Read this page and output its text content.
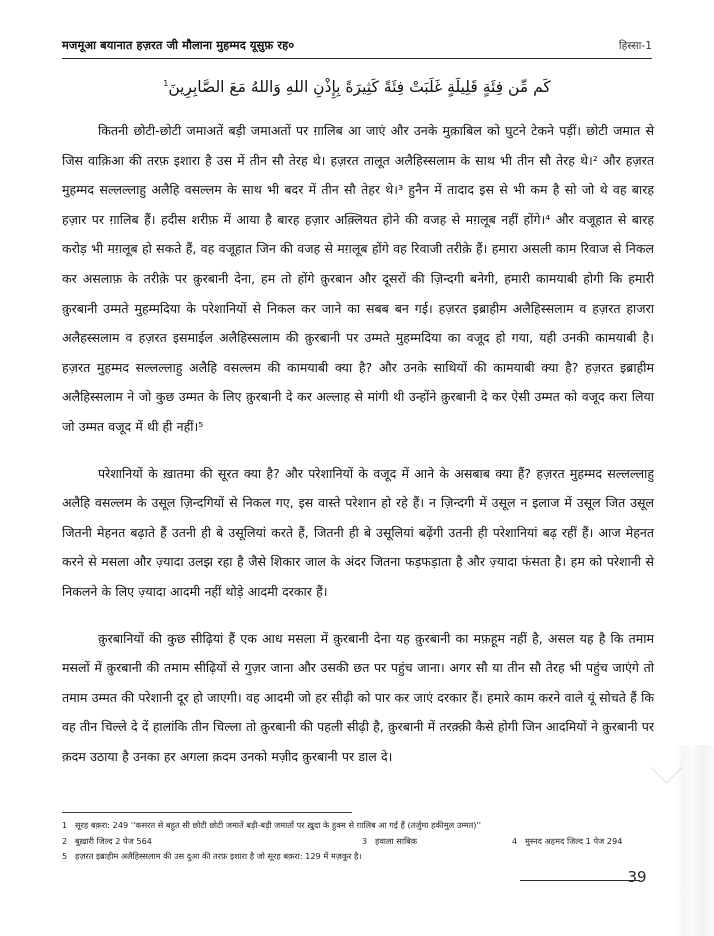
मजमूआ बयानात हज़रत जी मौलाना मुहम्मद यूसुफ़ रह०	हिस्सा-1
كَم مِّن فِئَةٍ قَلِيلَةٍ غَلَبَتْ فِئَةً كَثِيرَةً بِإِذْنِ اللهِ وَاللهُ مَعَ الصَّابِرِينَ$^1$

कितनी छोटी-छोटी जमाअतें बड़ी जमाअतों पर ग़ालिब आ जाएं और उनके मुक़ाबिल को घुटने टेकने पड़ीं। छोटी जमात से जिस वाक़िआ की तरफ़ इशारा है उस में तीन सौ तेरह थे। हज़रत तालूत अलैहिस्सलाम के साथ भी तीन सौ तेरह थे।² और हज़रत मुहम्मद सल्लल्लाहु अलैहि वसल्लम के साथ भी बदर में तीन सौ तेहर थे।³ हुनैन में तादाद इस से भी कम है सो जो थे वह बारह हज़ार पर ग़ालिब हैं। हदीस शरीफ़ में आया है बारह हज़ार अक़्लियत होने की वजह से मग़लूब नहीं होंगे।⁴ और वजूहात से बारह करोड़ भी मग़लूब हो सकते हैं, वह वजूहात जिन की वजह से मग़लूब होंगे वह रिवाजी तरीक़े हैं। हमारा असली काम रिवाज से निकल कर असलाफ़ के तरीक़े पर क़ुरबानी देना, हम तो होंगे क़ुरबान और दूसरों की ज़िन्दगी बनेगी, हमारी कामयाबी होगी कि हमारी क़ुरबानी उम्मते मुहम्मदिया के परेशानियों से निकल कर जाने का सबब बन गई। हज़रत इब्राहीम अलैहिस्सलाम व हज़रत हाजरा अलैहस्सलाम व हज़रत इसमाईल अलैहिस्सलाम की क़ुरबानी पर उम्मते मुहम्मदिया का वजूद हो गया, यही उनकी कामयाबी है। हज़रत मुहम्मद सल्लल्लाहु अलैहि वसल्लम की कामयाबी क्या है? और उनके साथियों की कामयाबी क्या है? हज़रत इब्राहीम अलैहिस्सलाम ने जो कुछ उम्मत के लिए क़ुरबानी दे कर अल्लाह से मांगी थी उन्होंने क़ुरबानी दे कर ऐसी उम्मत को वजूद करा लिया जो उम्मत वजूद में थी ही नहीं।⁵

परेशानियों के ख़ातमा की सूरत क्या है? और परेशानियों के वजूद में आने के असबाब क्या हैं? हज़रत मुहम्मद सल्लल्लाहु अलैहि वसल्लम के उसूल ज़िन्दगियों से निकल गए, इस वास्ते परेशान हो रहे हैं। न ज़िन्दगी में उसूल न इलाज में उसूल जित उसूल जितनी मेहनत बढ़ाते हैं उतनी ही बे उसूलियां करते हैं, जितनी ही बे उसूलियां बढ़ेंगी उतनी ही परेशानियां बढ़ रहीं हैं। आज मेहनत करने से मसला और ज़्यादा उलझ रहा है जैसे शिकार जाल के अंदर जितना फड़फड़ाता है और ज़्यादा फंसता है। हम को परेशानी से निकलने के लिए ज़्यादा आदमी नहीं थोड़े आदमी दरकार हैं।

क़ुरबानियों की कुछ सीढ़ियां हैं एक आध मसला में क़ुरबानी देना यह क़ुरबानी का मफ़हूम नहीं है, असल यह है कि तमाम मसलों में क़ुरबानी की तमाम सीढ़ियों से गुज़र जाना और उसकी छत पर पहुंच जाना। अगर सौ या तीन सौ तेरह भी पहुंच जाएंगे तो तमाम उम्मत की परेशानी दूर हो जाएगी। वह आदमी जो हर सीढ़ी को पार कर जाएं दरकार हैं। हमारे काम करने वाले यूं सोचते हैं कि वह तीन चिल्ले दे दें हालांकि तीन चिल्ला तो क़ुरबानी की पहली सीढ़ी है, क़ुरबानी में तरक़्क़ी कैसे होगी जिन आदमियों ने क़ुरबानी पर क़दम उठाया है उनका हर अगला क़दम उनको मज़ीद क़ुरबानी पर डाल दे।

1 सूरह बक़रा: 249 ''कसरत से बहुत सी छोटी छोटी जमातें बड़ी-बड़ी जमातों पर ख़ुदा के हुक्म से ग़ालिब आ गई हैं (तर्जुमा हकीमुल उम्मत)''
2 बुख़ारी जिल्द 2 पेज 564	3 हवाला साबिक़	4 मुस्नद अहमद जिल्द 1 पेज 294
5 हज़रत इब्राहीम अलैहिस्सलाम की उस दुआ की तरफ़ इशारा है जो सूरह बक़रा: 129 में मज़कूर है।
39
